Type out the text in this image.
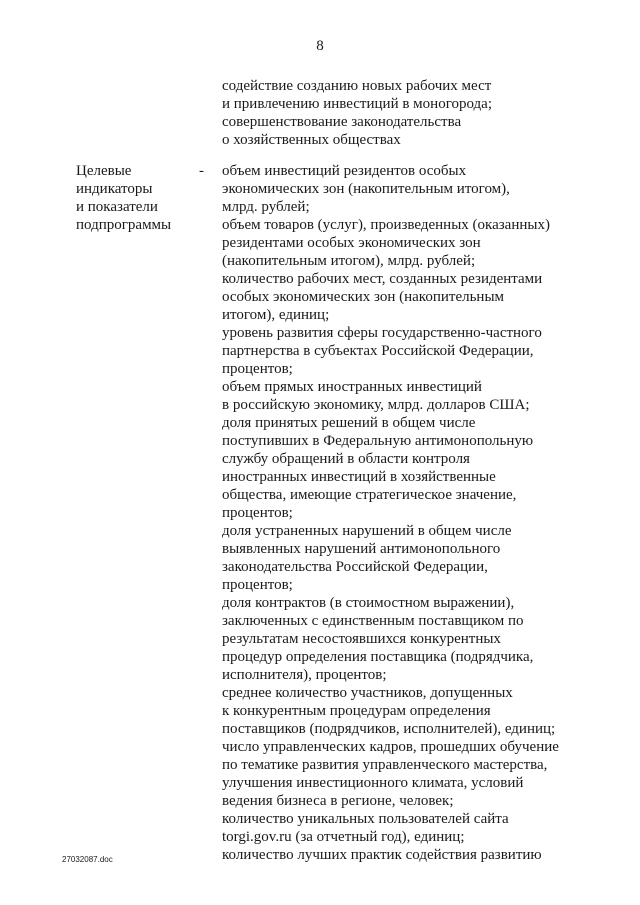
8
содействие созданию новых рабочих мест
и привлечению инвестиций в моногорода;
совершенствование законодательства
о хозяйственных обществах
Целевые
индикаторы
и показатели
подпрограммы
- объем инвестиций резидентов особых
экономических зон (накопительным итогом),
млрд. рублей;
объем товаров (услуг), произведенных (оказанных)
резидентами особых экономических зон
(накопительным итогом), млрд. рублей;
количество рабочих мест, созданных резидентами
особых экономических зон (накопительным
итогом), единиц;
уровень развития сферы государственно-частного
партнерства в субъектах Российской Федерации,
процентов;
объем прямых иностранных инвестиций
в российскую экономику, млрд. долларов США;
доля принятых решений в общем числе
поступивших в Федеральную антимонопольную
службу обращений в области контроля
иностранных инвестиций в хозяйственные
общества, имеющие стратегическое значение,
процентов;
доля устраненных нарушений в общем числе
выявленных нарушений антимонопольного
законодательства Российской Федерации,
процентов;
доля контрактов (в стоимостном выражении),
заключенных с единственным поставщиком по
результатам несостоявшихся конкурентных
процедур определения поставщика (подрядчика,
исполнителя), процентов;
среднее количество участников, допущенных
к конкурентным процедурам определения
поставщиков (подрядчиков, исполнителей), единиц;
число управленческих кадров, прошедших обучение
по тематике развития управленческого мастерства,
улучшения инвестиционного климата, условий
ведения бизнеса в регионе, человек;
количество уникальных пользователей сайта
torgi.gov.ru (за отчетный год), единиц;
количество лучших практик содействия развитию
27032087.doc
